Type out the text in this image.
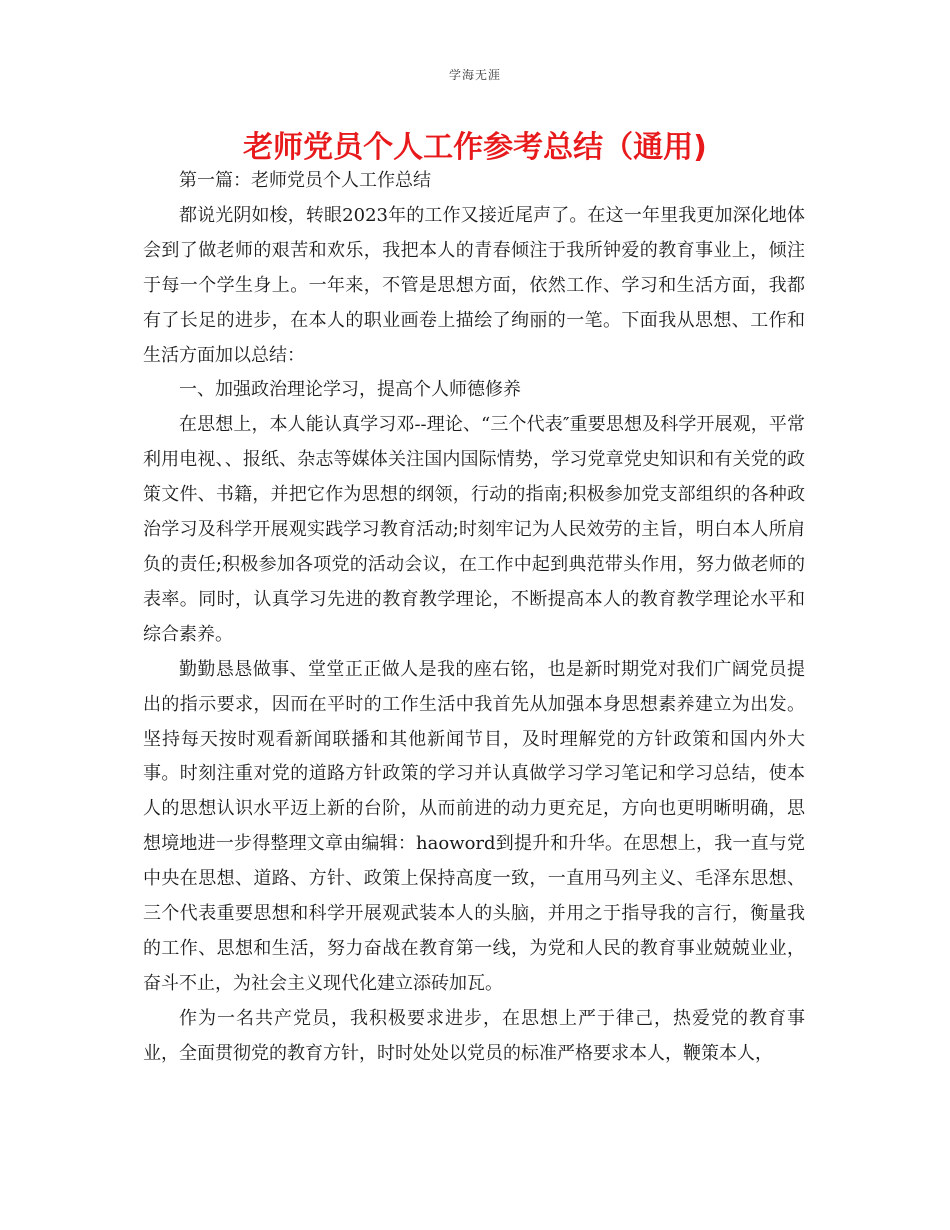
学海无涯
老师党员个人工作参考总结（通用)

第一篇：老师党员个人工作总结

都说光阴如梭，转眼2023年的工作又接近尾声了。在这一年里我更加深化地体会到了做老师的艰苦和欢乐，我把本人的青春倾注于我所钟爱的教育事业上，倾注于每一个学生身上。一年来，不管是思想方面，依然工作、学习和生活方面，我都有了长足的进步，在本人的职业画卷上描绘了绚丽的一笔。下面我从思想、工作和生活方面加以总结：

一、加强政治理论学习，提高个人师德修养

在思想上，本人能认真学习邓--理论、“三个代表″重要思想及科学开展观，平常利用电视、、报纸、杂志等媒体关注国内国际情势，学习党章党史知识和有关党的政策文件、书籍，并把它作为思想的纲领，行动的指南;积极参加党支部组织的各种政治学习及科学开展观实践学习教育活动;时刻牢记为人民效劳的主旨，明白本人所肩负的责任;积极参加各项党的活动会议，在工作中起到典范带头作用，努力做老师的表率。同时，认真学习先进的教育教学理论，不断提高本人的教育教学理论水平和综合素养。

勤勤恳恳做事、堂堂正正做人是我的座右铭，也是新时期党对我们广阔党员提出的指示要求，因而在平时的工作生活中我首先从加强本身思想素养建立为出发。坚持每天按时观看新闻联播和其他新闻节目，及时理解党的方针政策和国内外大事。时刻注重对党的道路方针政策的学习并认真做学习学习笔记和学习总结，使本人的思想认识水平迈上新的台阶，从而前进的动力更充足，方向也更明晰明确，思想境地进一步得整理文章由编辑：haoword到提升和升华。在思想上，我一直与党中央在思想、道路、方针、政策上保持高度一致，一直用马列主义、毛泽东思想、三个代表重要思想和科学开展观武装本人的头脑，并用之于指导我的言行，衡量我的工作、思想和生活，努力奋战在教育第一线，为党和人民的教育事业兢兢业业，奋斗不止，为社会主义现代化建立添砖加瓦。

作为一名共产党员，我积极要求进步，在思想上严于律己，热爱党的教育事业，全面贯彻党的教育方针，时时处处以党员的标准严格要求本人，鞭策本人，
